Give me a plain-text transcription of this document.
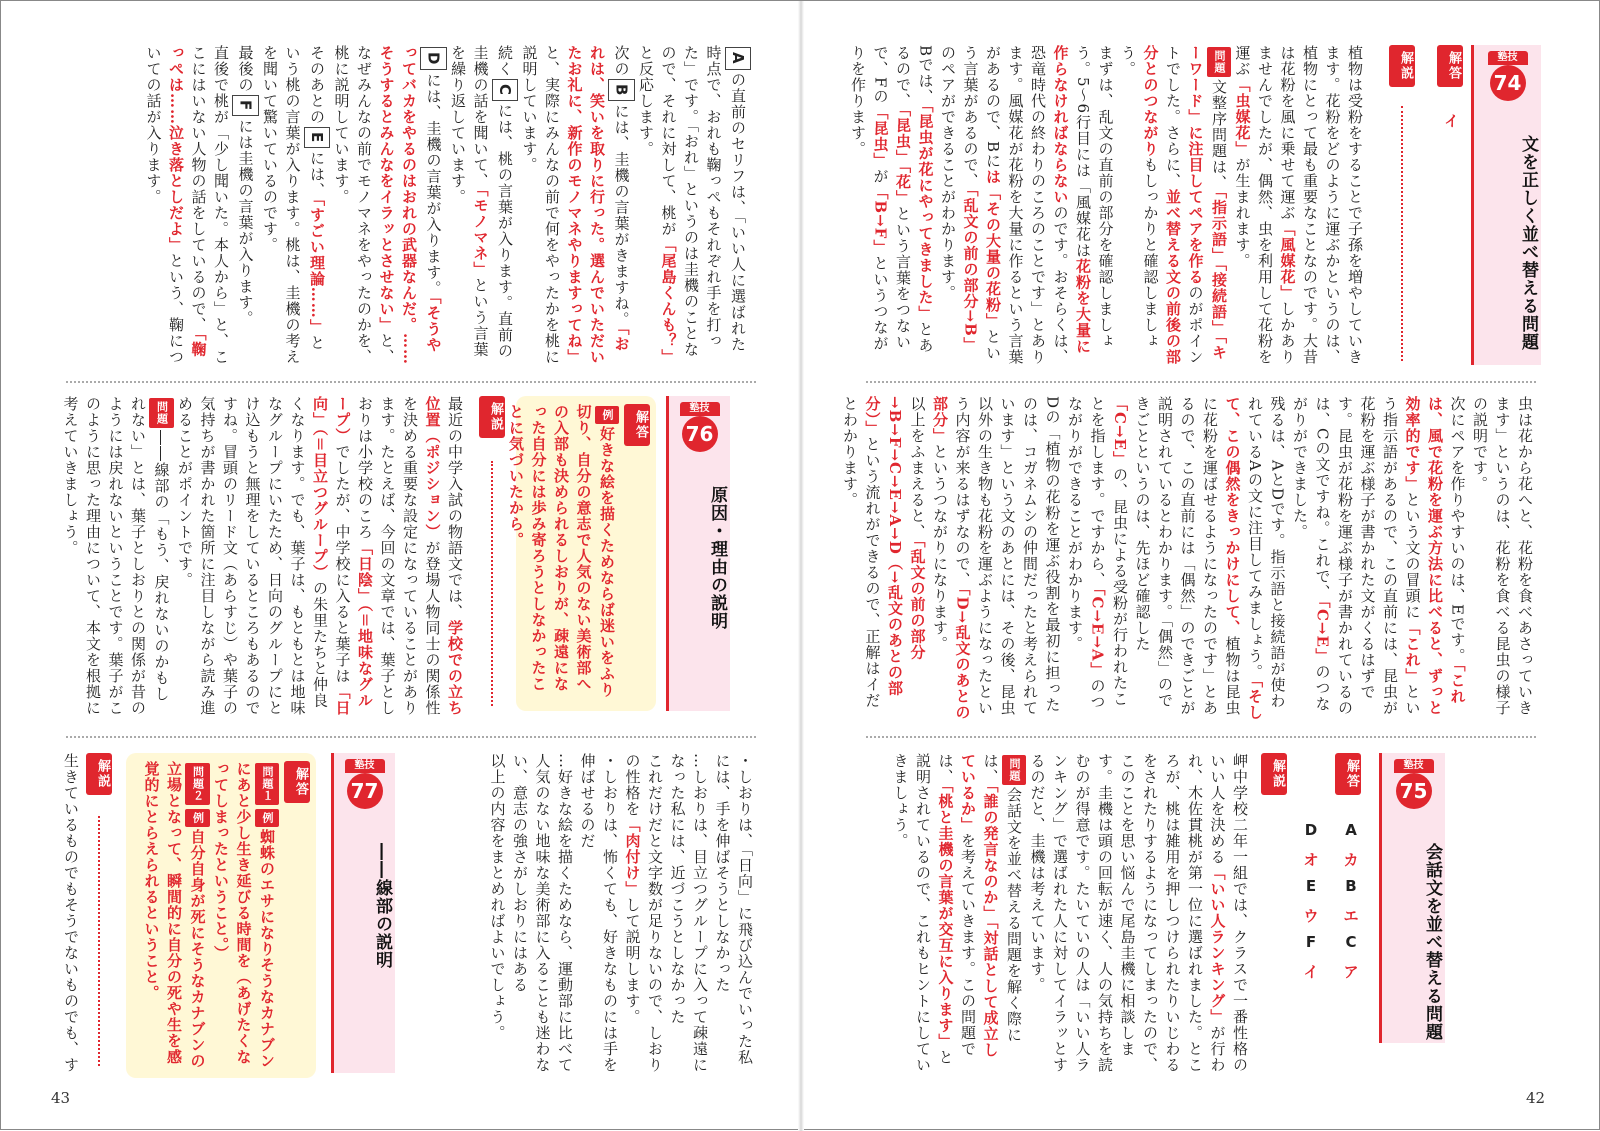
塾技
74
文を正しく並べ替える問題
解答
イ
解説

植物は受粉をすることで子孫を増やしていきます。花粉をどのように運ぶかというのは、植物にとって最も重要なことなのです。大昔は花粉を風に乗せて運ぶ「風媒花」しかありませんでしたが、偶然、虫を利用して花粉を運ぶ「虫媒花」が生まれます。

問題文整序問題は、「指示語」「接続語」「キーワード」に注目してペアを作るのがポイントでした。さらに、並べ替える文の前後の部分とのつながりもしっかりと確認しましょう。

まずは、乱文の直前の部分を確認しましょう。5〜6行目には「風媒花は花粉を大量に作らなければならないのです。おそらくは、恐竜時代の終わりのころのことです」とあります。風媒花が花粉を大量に作るという言葉があるので、Bには「その大量の花粉」という言葉があるので、「乱文の前の部分→B」のペアができることがわかります。

Bでは、「昆虫が花にやってきました」とあるので、「昆虫」「花」という言葉をつないで、Fの「昆虫」が「B→F」というつながりを作ります。

虫は花から花へと、花粉を食べあさっていきます」というのは、花粉を食べる昆虫の様子の説明です。

次にペアを作りやすいのは、Eです。「これは、風で花粉を運ぶ方法に比べると、ずっと効率的です」という文の冒頭に「これ」という指示語があるので、この直前には、昆虫が花粉を運ぶ様子が書かれた文がくるはずです。昆虫が花粉を運ぶ様子が書かれているのは、Cの文ですね。これで、「C→E」のつながりができました。

残るは、AとDです。指示語と接続語が使われているAの文に注目してみましょう。「そして、この偶然をきっかけにして、植物は昆虫に花粉を運ばせるようになったのです」とあるので、この直前には「偶然」のできごとが説明されているとわかります。「偶然」のできごとというのは、先ほど確認した「C→E」の、昆虫による受粉が行われたことを指します。ですから、「C→E→A」のつながりができることがわかります。

Dの「植物の花粉を運ぶ役割を最初に担ったのは、コガネムシの仲間だったと考えられています」という文のあとには、その後、昆虫以外の生き物も花粉を運ぶようになったという内容が来るはずなので、「D→乱文のあとの部分」というつながりになります。

以上をふまえると、「乱文の前の部分→B→F→C→E→A→D（→乱文のあとの部分）」という流れができるので、正解はイだとわかります。

塾技
75
会話文を並べ替える問題
解答
D A
オ カ
E	B
ウ エ
F	C
イ ア
解説

岬中学校二年一組では、クラスで一番性格のいい人を決める「いい人ランキング」が行われ、木佐貫桃が第一位に選ばれました。ところが、桃は雑用を押しつけられたりいじわるをされたりするようになってしまったので、このことを思い悩んで尾島圭機に相談します。圭機は頭の回転が速く、人の気持ちを読むのが得意です。たいていの人は「いい人ランキング」で選ばれた人に対してイラッとするのだと、圭機は考えています。

問題会話文を並べ替える問題を解く際には、「誰の発言なのか」「対話として成立しているか」を考えていきます。この問題では、「桃と圭機の言葉が交互に入ります」と説明されているので、これもヒントにしていきましょう。

42

Aの直前のセリフは、「いい人に選ばれた時点で、おれも鞠っぺもそれぞれ手を打った」です。「おれ」というのは圭機のことなので、それに対して、桃が「尾島くんも？」と反応します。

次のBには、圭機の言葉がきますね。「おれは、笑いを取りに行った。選んでいただいたお礼に、新作のモノマネやりますってね」と、実際にみんなの前で何をやったかを桃に説明しています。

続くCには、桃の言葉が入ります。直前の圭機の話を聞いて、「モノマネ」という言葉を繰り返しています。

Dには、圭機の言葉が入ります。「そうやってバカをやるのはおれの武器なんだ。……そうするとみんなをイラッとさせない」と、なぜみんなの前でモノマネをやったのかを、桃に説明しています。

そのあとのEには、「すごい理論……」という桃の言葉が入ります。桃は、圭機の考えを聞いて驚いているのです。

最後のFには圭機の言葉が入ります。

直後で桃が「少し聞いた。本人から」と、ここにはいない人物の話をしているので、「鞠っぺは……泣き落としだよ」という、鞠についての話が入ります。

塾技
76
原因・理由の説明
解答

例好きな絵を描くためならば迷いをふり切り、自分の意志で人気のない美術部への入部も決められるしおりが、疎遠になった自分には歩み寄ろうとしなかったことに気づいたから。

解説

最近の中学入試の物語文では、学校での立ち位置（ポジション）が登場人物同士の関係性を決める重要な設定になっていることがあります。たとえば、今回の文章では、葉子としおりは小学校のころ「日陰」（＝地味なグループ）でしたが、中学校に入ると葉子は「日向」（＝目立つグループ）の朱里たちと仲良くなります。でも、葉子は、もともとは地味なグループにいたため、日向のグループにとけ込もうと無理をしているところもあるのですね。冒頭のリード文（あらすじ）や葉子の気持ちが書かれた箇所に注目しながら読み進めることがポイントです。

問題――線部の「もう、戻れないのかもしれない」とは、葉子としおりとの関係が昔のようには戻れないということです。葉子がこのように思った理由について、本文を根拠に考えていきましょう。

・しおりは、「日向」に飛び込んでいった私には、手を伸ばそうとしなかった

…しおりは、目立つグループに入って疎遠になった私には、近づこうとしなかった

これだけだと文字数が足りないので、しおりの性格を「肉付け」して説明します。

・しおりは、怖くても、好きなものには手を伸ばせるのだ

…好きな絵を描くためなら、運動部に比べて人気のない地味な美術部に入ることも迷わない、意志の強さがしおりにはある

以上の内容をまとめればよいでしょう。

塾技
77
――線部の説明
解答

問題１例蜘蛛のエサになりそうなカナブンにあと少し生き延びる時間を（あげたくなってしまったということ。）

問題２例自分自身が死にそうなカナブンの立場となって、瞬間的に自分の死や生を感覚的にとらえられるということ。

解説

生きているものでもそうでないものでも、す

43
